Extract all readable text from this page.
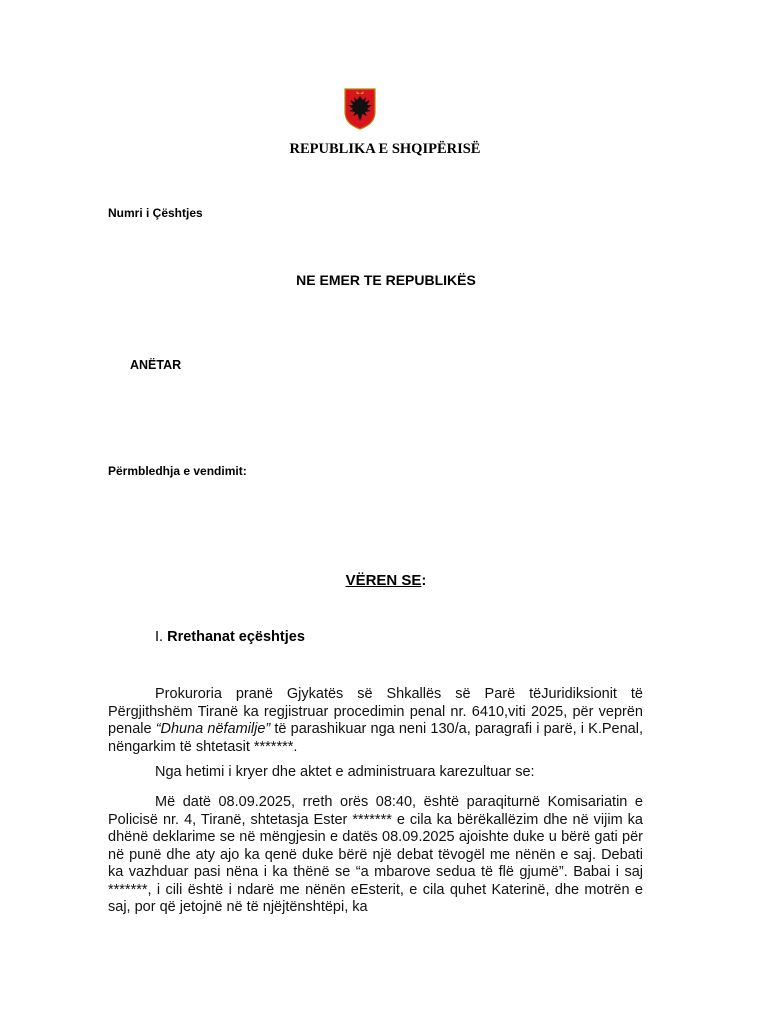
REPUBLIKA E SHQIPËRISË
Numri i Çështjes
NE EMER TE REPUBLIKËS
ANËTAR
Përmbledhja e vendimit:
VËREN SE:
I. Rrethanat eçështjes
Prokuroria pranë Gjykatës së Shkallës së Parë tëJuridiksionit të Përgjithshëm Tiranë ka regjistruar procedimin penal nr. 6410,viti 2025, për veprën penale “Dhuna nëfamilje” të parashikuar nga neni 130/a, paragrafi i parë, i K.Penal, nëngarkim të shtetasit *******.
Nga hetimi i kryer dhe aktet e administruara karezultuar se:
Më datë 08.09.2025, rreth orës 08:40, është paraqiturnë Komisariatin e Policisë nr. 4, Tiranë, shtetasja Ester ******* e cila ka bërëkallëzim dhe në vijim ka dhënë deklarime se në mëngjesin e datës 08.09.2025 ajoishte duke u bërë gati për në punë dhe aty ajo ka qenë duke bërë një debat tëvogël me nënën e saj. Debati ka vazhduar pasi nëna i ka thënë se “a mbarove sedua të flë gjumë”. Babai i saj *******, i cili është i ndarë me nënën eEsterit, e cila quhet Katerinë, dhe motrën e saj, por që jetojnë në të njëjtënshtëpi, ka
